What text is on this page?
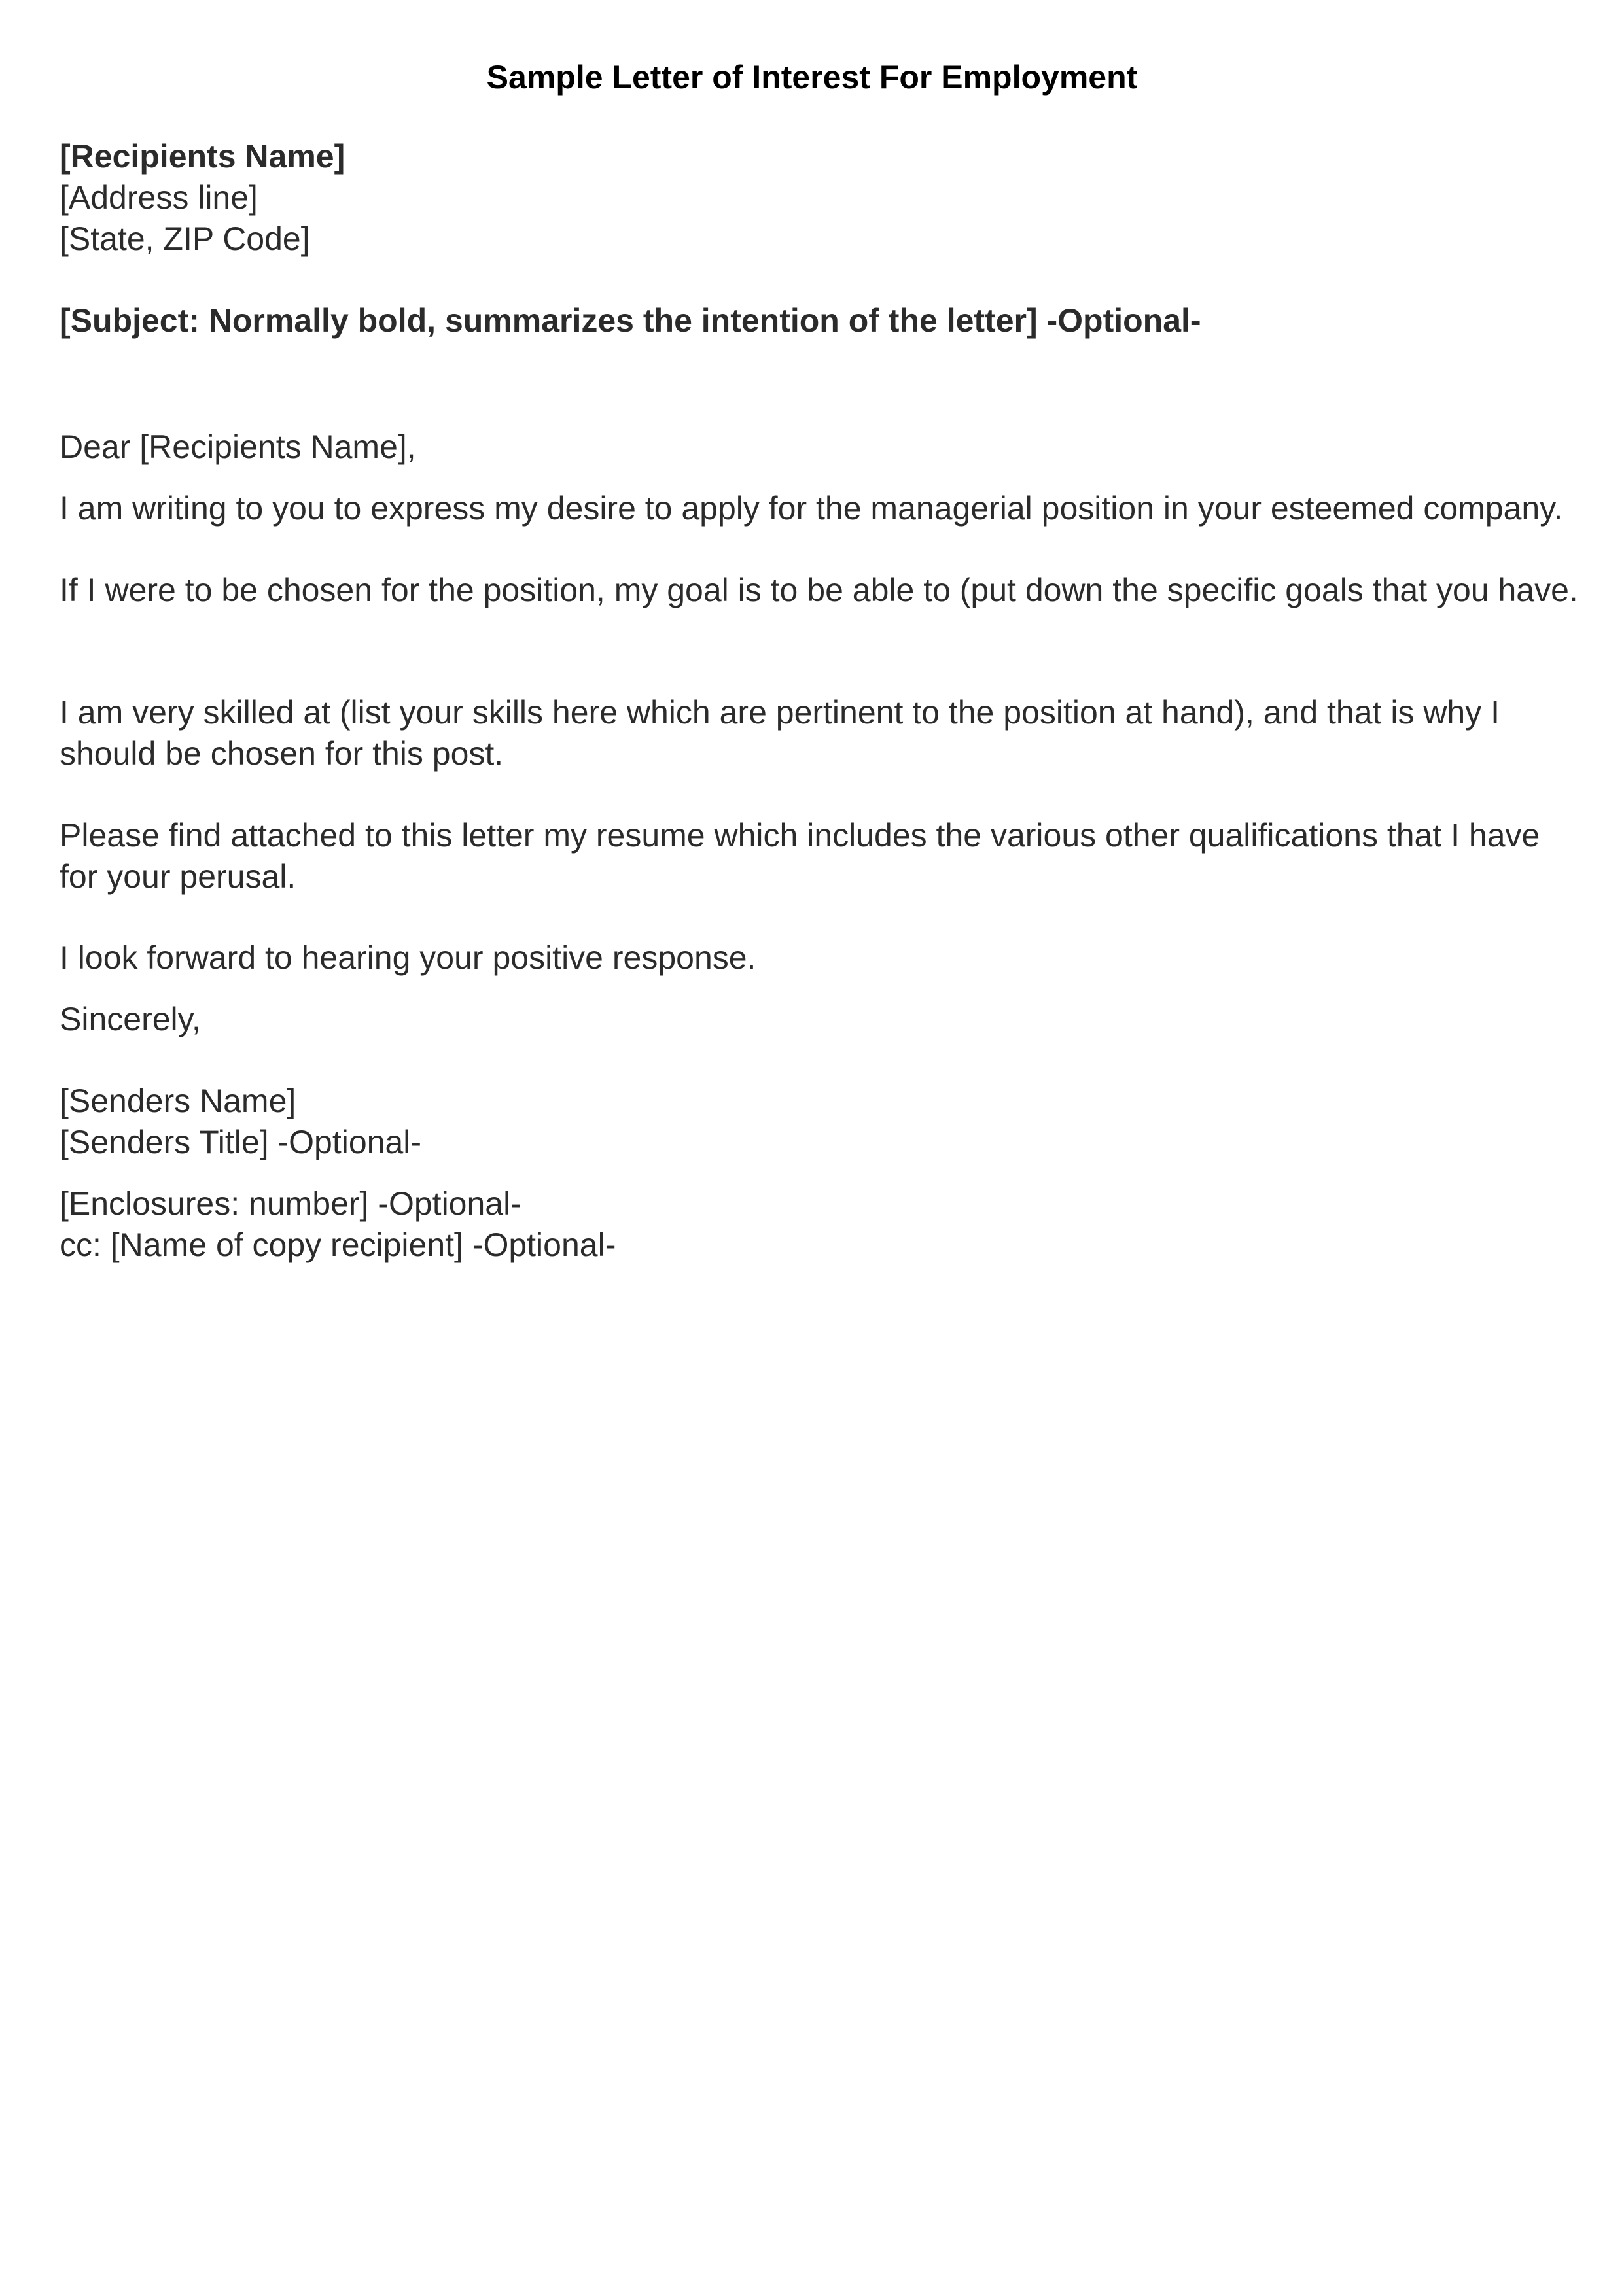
Sample Letter of Interest For Employment
[Recipients Name]
[Address line]
[State, ZIP Code]

[Subject: Normally bold, summarizes the intention of the letter] -Optional-

Dear [Recipients Name],

I am writing to you to express my desire to apply for the managerial position in your esteemed company.

If I were to be chosen for the position, my goal is to be able to (put down the specific goals that you have.

I am very skilled at (list your skills here which are pertinent to the position at hand), and that is why I should be chosen for this post.

Please find attached to this letter my resume which includes the various other qualifications that I have for your perusal.

I look forward to hearing your positive response.

Sincerely,

[Senders Name]
[Senders Title] -Optional-
[Enclosures: number] -Optional-
cc: [Name of copy recipient] -Optional-
